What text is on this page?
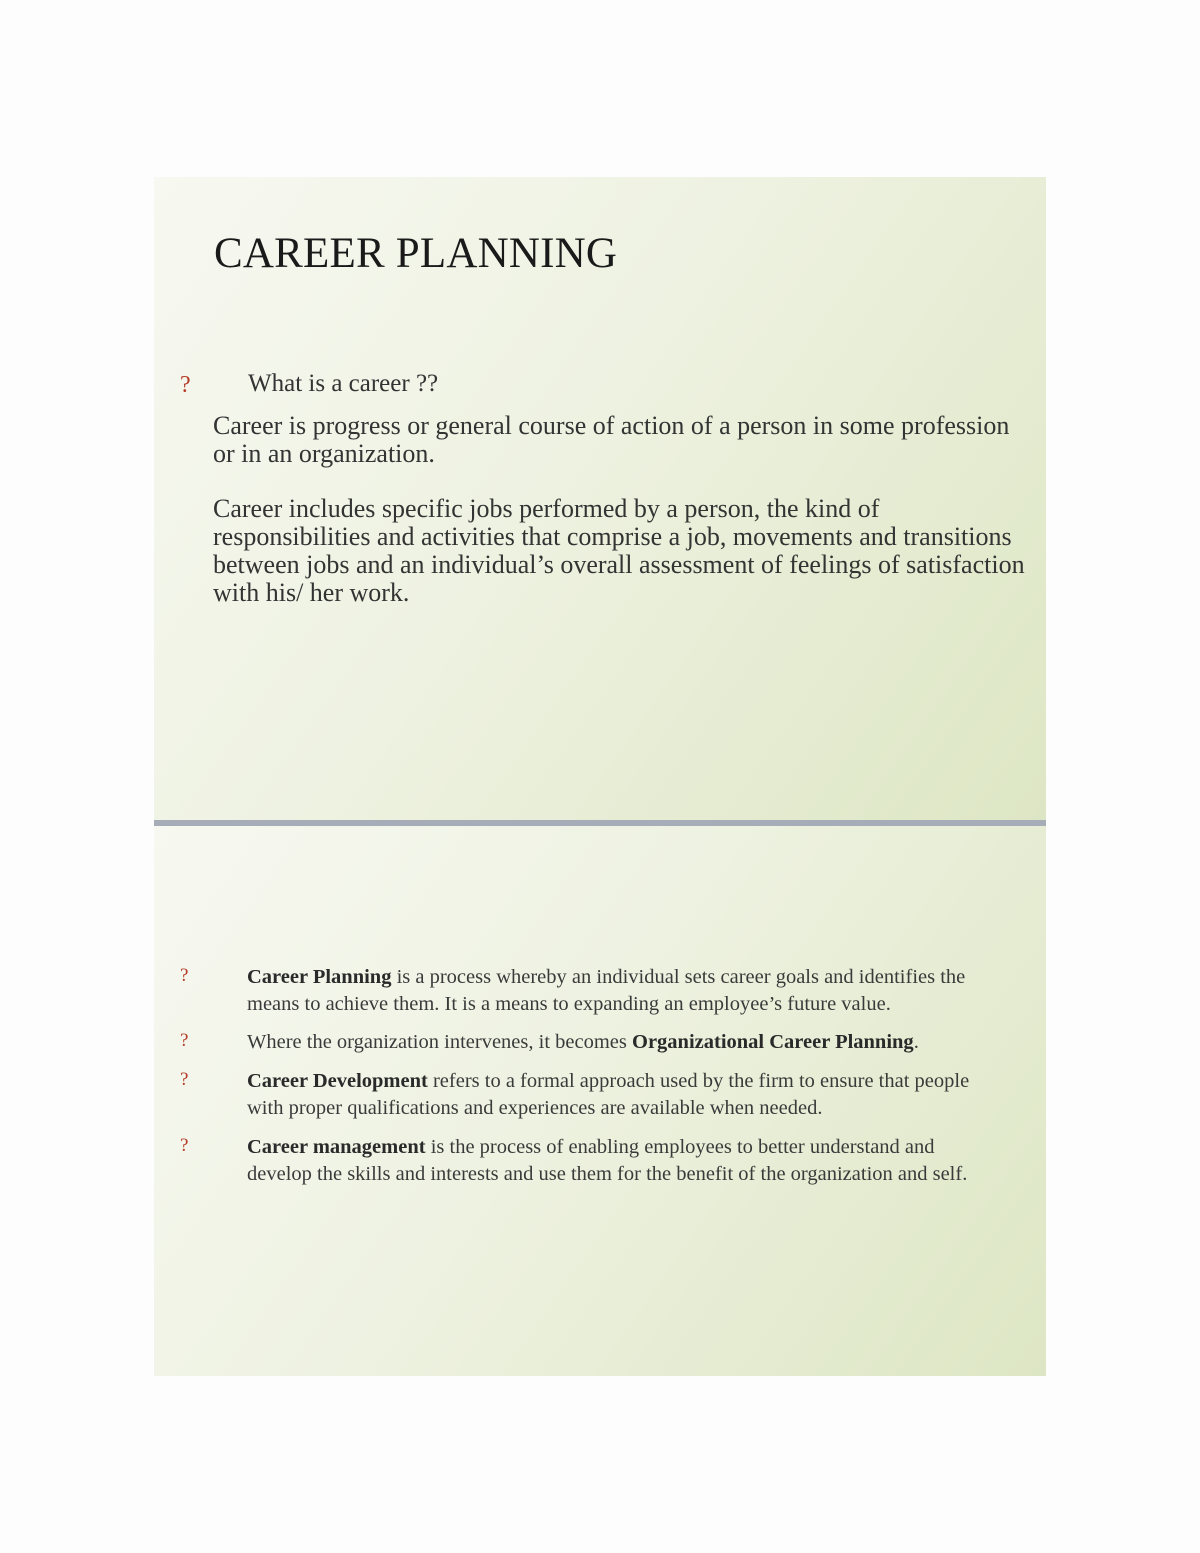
CAREER PLANNING
? What is a career ??

Career is progress or general course of action of a person in some profession
or in an organization.

Career includes specific jobs performed by a person, the kind of
responsibilities and activities that comprise a job, movements and transitions
between jobs and an individual’s overall assessment of feelings of satisfaction
with his/ her work.

?	Career Planning is a process whereby an individual sets career goals and identifies the
means to achieve them. It is a means to expanding an employee’s future value.
?	Where the organization intervenes, it becomes Organizational Career Planning.
?	Career Development refers to a formal approach used by the firm to ensure that people
with proper qualifications and experiences are available when needed.
?	Career management is the process of enabling employees to better understand and
develop the skills and interests and use them for the benefit of the organization and self.
